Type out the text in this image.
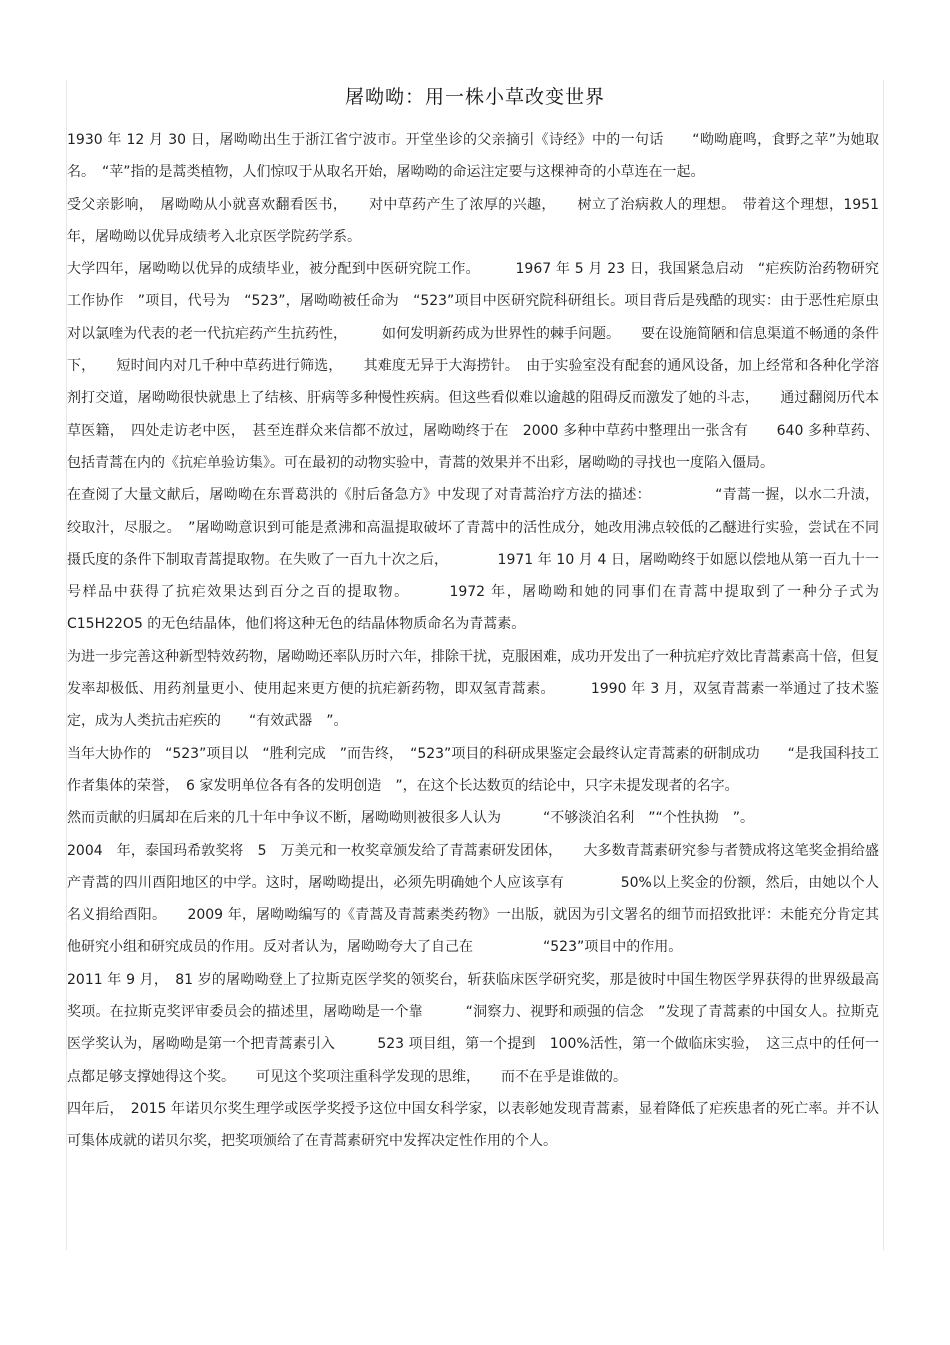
屠呦呦：用一株小草改变世界

1930 年 12 月 30 日，屠呦呦出生于浙江省宁波市。开堂坐诊的父亲摘引《诗经》中的一句话　　“呦呦鹿鸣，食野之苹”为她取名。　“苹”指的是蒿类植物，人们惊叹于从取名开始，屠呦呦的命运注定要与这棵神奇的小草连在一起。

受父亲影响，　屠呦呦从小就喜欢翻看医书，　　对中草药产生了浓厚的兴趣，　　树立了治病救人的理想。　带着这个理想，1951 年，屠呦呦以优异成绩考入北京医学院药学系。

大学四年，屠呦呦以优异的成绩毕业，被分配到中医研究院工作。　　　1967 年 5 月 23 日，我国紧急启动　“疟疾防治药物研究工作协作　”项目，代号为　“523”，屠呦呦被任命为　“523”项目中医研究院科研组长。项目背后是残酷的现实：由于恶性疟原虫对以氯喹为代表的老一代抗疟药产生抗药性，　　　如何发明新药成为世界性的棘手问题。　　要在设施简陋和信息渠道不畅通的条件下，　　短时间内对几千种中草药进行筛选，　　其难度无异于大海捞针。　由于实验室没有配套的通风设备，加上经常和各种化学溶剂打交道，屠呦呦很快就患上了结核、肝病等多种慢性疾病。但这些看似难以逾越的阻碍反而激发了她的斗志，　　通过翻阅历代本草医籍，　四处走访老中医，　甚至连群众来信都不放过，屠呦呦终于在　2000 多种中草药中整理出一张含有　　640 多种草药、包括青蒿在内的《抗疟单验访集》。可在最初的动物实验中，青蒿的效果并不出彩，屠呦呦的寻找也一度陷入僵局。

在查阅了大量文献后，屠呦呦在东晋葛洪的《肘后备急方》中发现了对青蒿治疗方法的描述：　　　　　“青蒿一握，以水二升渍，绞取汁，尽服之。　”屠呦呦意识到可能是煮沸和高温提取破坏了青蒿中的活性成分，她改用沸点较低的乙醚进行实验，尝试在不同摄氏度的条件下制取青蒿提取物。在失败了一百九十次之后，　　　　1971 年 10 月 4 日，屠呦呦终于如愿以偿地从第一百九十一号样品中获得了抗疟效果达到百分之百的提取物。　　　1972 年，屠呦呦和她的同事们在青蒿中提取到了一种分子式为　　C15H22O5 的无色结晶体，他们将这种无色的结晶体物质命名为青蒿素。

为进一步完善这种新型特效药物，屠呦呦还率队历时六年，排除干扰，克服困难，成功开发出了一种抗疟疗效比青蒿素高十倍，但复发率却极低、用药剂量更小、使用起来更方便的抗疟新药物，即双氢青蒿素。　　　1990 年 3 月，双氢青蒿素一举通过了技术鉴定，成为人类抗击疟疾的　　“有效武器　”。

当年大协作的　“523”项目以　“胜利完成　”而告终，　“523”项目的科研成果鉴定会最终认定青蒿素的研制成功　　“是我国科技工作者集体的荣誉，　6 家发明单位各有各的发明创造　”，在这个长达数页的结论中，只字未提发现者的名字。

然而贡献的归属却在后来的几十年中争议不断，屠呦呦则被很多人认为　　　“不够淡泊名利　”“个性执拗　”。

2004　年，泰国玛希敦奖将　5　万美元和一枚奖章颁发给了青蒿素研发团体，　　大多数青蒿素研究参与者赞成将这笔奖金捐给盛产青蒿的四川酉阳地区的中学。这时，屠呦呦提出，必须先明确她个人应该享有　　　　50%以上奖金的份额，然后，由她以个人名义捐给酉阳。　　2009 年，屠呦呦编写的《青蒿及青蒿素类药物》一出版，就因为引文署名的细节而招致批评：未能充分肯定其他研究小组和研究成员的作用。反对者认为，屠呦呦夸大了自己在　　　　　“523”项目中的作用。

2011 年 9 月，　81 岁的屠呦呦登上了拉斯克医学奖的领奖台，斩获临床医学研究奖，那是彼时中国生物医学界获得的世界级最高奖项。在拉斯克奖评审委员会的描述里，屠呦呦是一个靠　　　“洞察力、视野和顽强的信念　”发现了青蒿素的中国女人。拉斯克医学奖认为，屠呦呦是第一个把青蒿素引入　　　523 项目组，第一个提到　100%活性，第一个做临床实验，　这三点中的任何一点都足够支撑她得这个奖。　　可见这个奖项注重科学发现的思维，　　而不在乎是谁做的。

四年后，　2015 年诺贝尔奖生理学或医学奖授予这位中国女科学家，以表彰她发现青蒿素，显着降低了疟疾患者的死亡率。并不认可集体成就的诺贝尔奖，把奖项颁给了在青蒿素研究中发挥决定性作用的个人。
